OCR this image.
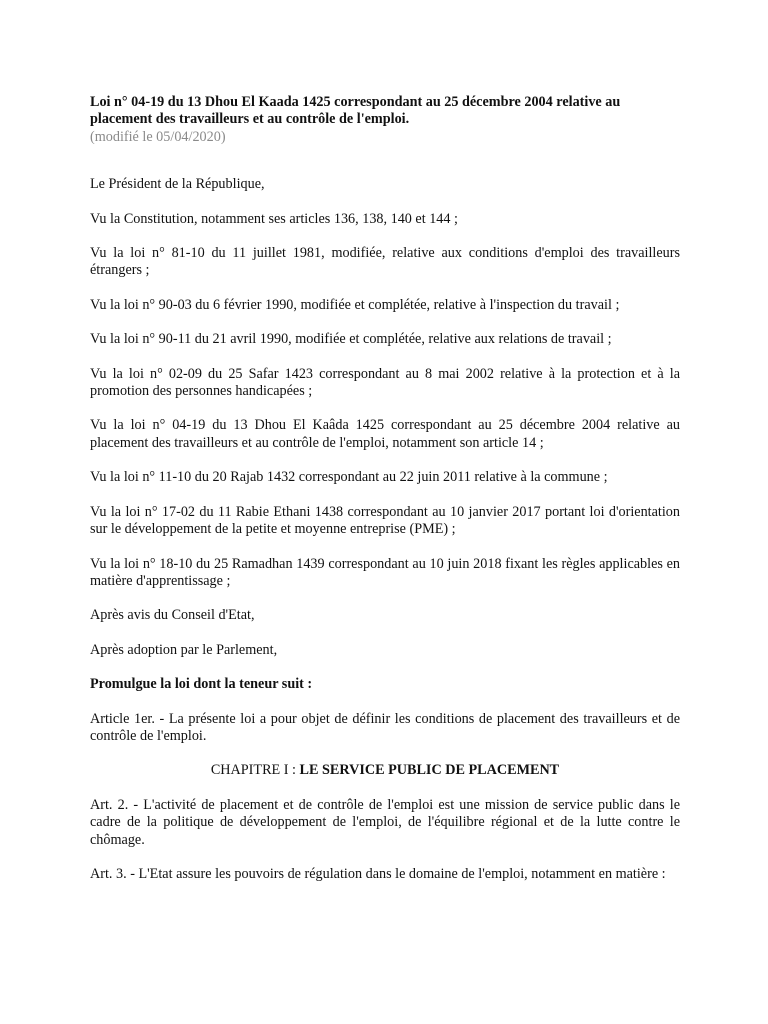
Loi n° 04-19 du 13 Dhou El Kaada 1425 correspondant au 25 décembre 2004 relative au placement des travailleurs et au contrôle de l'emploi.

(modifié le 05/04/2020)

Le Président de la République,

Vu la Constitution, notamment ses articles 136, 138, 140 et 144 ;

Vu la loi n° 81-10 du 11 juillet 1981, modifiée, relative aux conditions d'emploi des travailleurs étrangers ;

Vu la loi n° 90-03 du 6 février 1990, modifiée et complétée, relative à l'inspection du travail ;

Vu la loi n° 90-11 du 21 avril 1990, modifiée et complétée, relative aux relations de travail ;

Vu la loi n° 02-09 du 25 Safar 1423 correspondant au 8 mai 2002 relative à la protection et à la promotion des personnes handicapées ;

Vu la loi n° 04-19 du 13 Dhou El Kaâda 1425 correspondant au 25 décembre 2004 relative au placement des travailleurs et au contrôle de l'emploi, notamment son article 14 ;

Vu la loi n° 11-10 du 20 Rajab 1432 correspondant au 22 juin 2011 relative à la commune ;

Vu la loi n° 17-02 du 11 Rabie Ethani 1438 correspondant au 10 janvier 2017 portant loi d'orientation sur le développement de la petite et moyenne entreprise (PME) ;

Vu la loi n° 18-10 du 25 Ramadhan 1439 correspondant au 10 juin 2018 fixant les règles applicables en matière d'apprentissage ;

Après avis du Conseil d'Etat,

Après adoption par le Parlement,

Promulgue la loi dont la teneur suit :

Article 1er. - La présente loi a pour objet de définir les conditions de placement des travailleurs et de contrôle de l'emploi.

CHAPITRE I : LE SERVICE PUBLIC DE PLACEMENT

Art. 2. - L'activité de placement et de contrôle de l'emploi est une mission de service public dans le cadre de la politique de développement de l'emploi, de l'équilibre régional et de la lutte contre le chômage.

Art. 3. - L'Etat assure les pouvoirs de régulation dans le domaine de l'emploi, notamment en matière :
